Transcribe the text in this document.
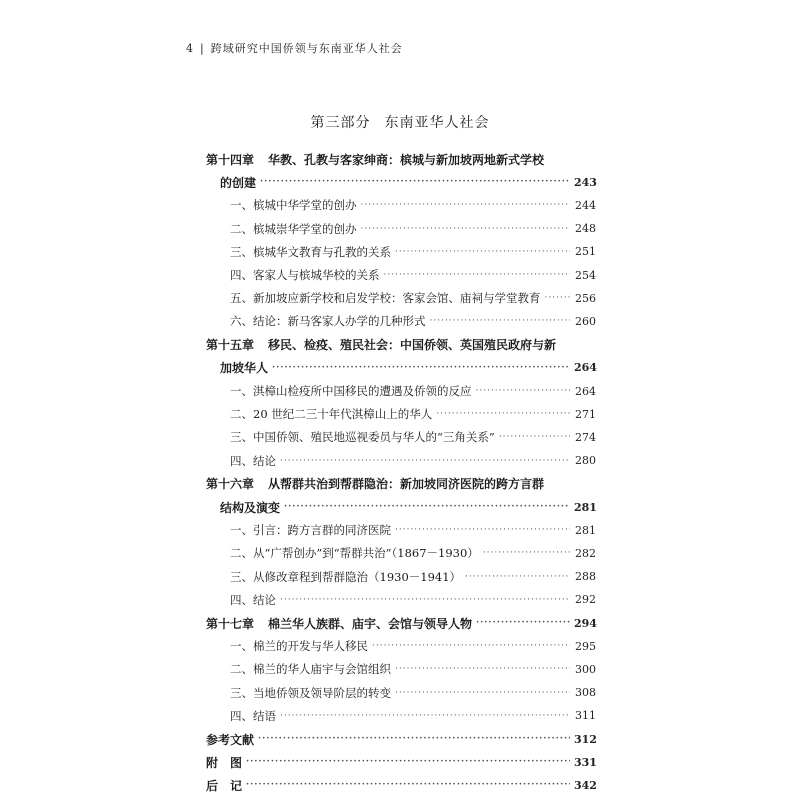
4 | 跨域研究中国侨领与东南亚华人社会
第三部分 东南亚华人社会
第十四章 华教、孔教与客家绅商：槟城与新加坡两地新式学校
的创建 ·····	243
一、槟城中华学堂的创办 ·····	244
二、槟城崇华学堂的创办 ·····	248
三、槟城华文教育与孔教的关系 ·····	251
四、客家人与槟城华校的关系 ·····	254
五、新加坡应新学校和启发学校：客家会馆、庙祠与学堂教育 ·····	256
六、结论：新马客家人办学的几种形式 ·····	260
第十五章 移民、检疫、殖民社会：中国侨领、英国殖民政府与新
加坡华人 ·····	264
一、淇樟山检疫所中国移民的遭遇及侨领的反应 ·····	264
二、20 世纪二三十年代淇樟山上的华人 ·····	271
三、中国侨领、殖民地巡视委员与华人的“三角关系” ·····	274
四、结论 ·····	280
第十六章 从帮群共治到帮群隐治：新加坡同济医院的跨方言群
结构及演变 ·····	281
一、引言：跨方言群的同济医院 ·····	281
二、从“广帮创办”到“帮群共治”（1867－1930） ·····	282
三、从修改章程到帮群隐治（1930－1941） ·····	288
四、结论 ·····	292
第十七章 棉兰华人族群、庙宇、会馆与领导人物 ·····	294
一、棉兰的开发与华人移民 ·····	295
二、棉兰的华人庙宇与会馆组织 ·····	300
三、当地侨领及领导阶层的转变 ·····	308
四、结语 ·····	311
参考文献 ·····	312
附　图 ·····	331
后　记 ·····	342
